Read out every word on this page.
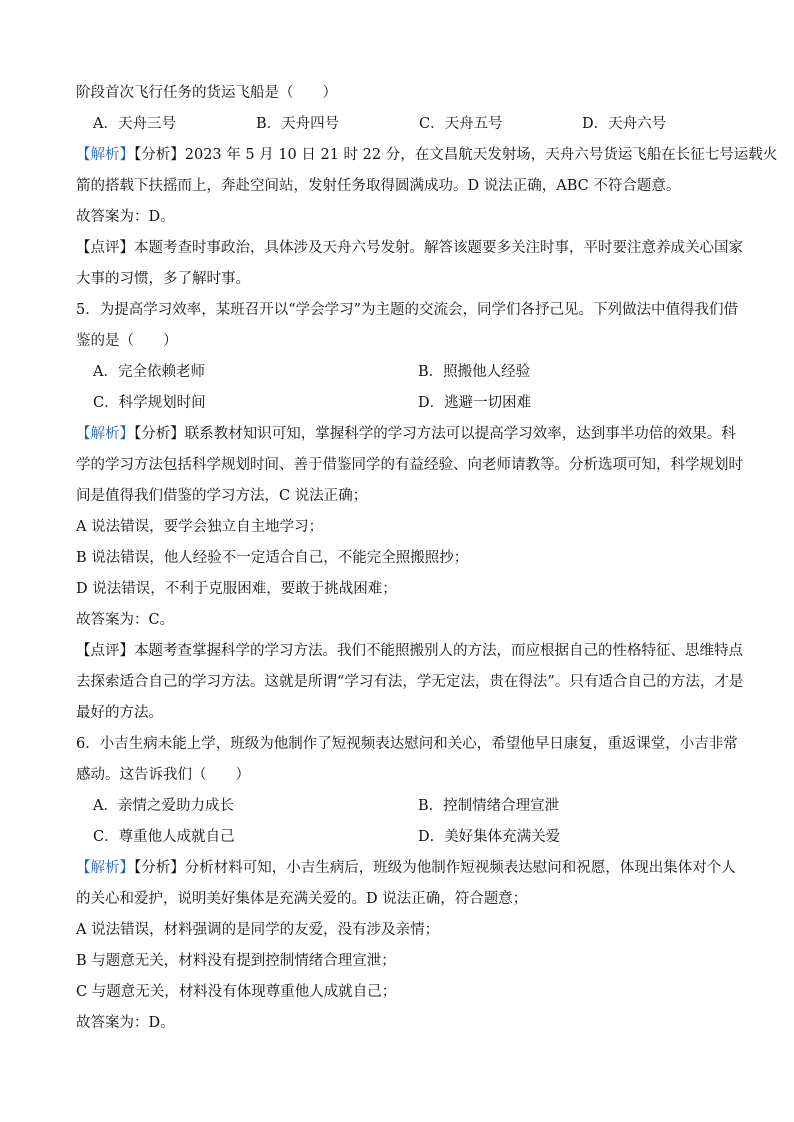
阶段首次飞行任务的货运飞船是（　　）
A．天舟三号	B．天舟四号	C．天舟五号	D．天舟六号
【解析】【分析】2023 年 5 月 10 日 21 时 22 分，在文昌航天发射场，天舟六号货运飞船在长征七号运载火
箭的搭载下扶摇而上，奔赴空间站，发射任务取得圆满成功。D 说法正确，ABC 不符合题意。
故答案为：D。
【点评】本题考查时事政治，具体涉及天舟六号发射。解答该题要多关注时事，平时要注意养成关心国家
大事的习惯，多了解时事。
5．为提高学习效率，某班召开以“学会学习”为主题的交流会，同学们各抒己见。下列做法中值得我们借
鉴的是（　　）
A．完全依赖老师	B．照搬他人经验
C．科学规划时间	D．逃避一切困难
【解析】【分析】联系教材知识可知，掌握科学的学习方法可以提高学习效率，达到事半功倍的效果。科
学的学习方法包括科学规划时间、善于借鉴同学的有益经验、向老师请教等。分析选项可知，科学规划时
间是值得我们借鉴的学习方法，C 说法正确；
A 说法错误，要学会独立自主地学习；
B 说法错误，他人经验不一定适合自己，不能完全照搬照抄；
D 说法错误，不利于克服困难，要敢于挑战困难；
故答案为：C。
【点评】本题考查掌握科学的学习方法。我们不能照搬别人的方法，而应根据自己的性格特征、思维特点
去探索适合自己的学习方法。这就是所谓“学习有法，学无定法，贵在得法”。只有适合自己的方法，才是
最好的方法。
6．小吉生病未能上学，班级为他制作了短视频表达慰问和关心，希望他早日康复，重返课堂，小吉非常
感动。这告诉我们（　　）
A．亲情之爱助力成长	B．控制情绪合理宣泄
C．尊重他人成就自己	D．美好集体充满关爱
【解析】【分析】分析材料可知，小吉生病后，班级为他制作短视频表达慰问和祝愿，体现出集体对个人
的关心和爱护，说明美好集体是充满关爱的。D 说法正确，符合题意；
A 说法错误，材料强调的是同学的友爱，没有涉及亲情；
B 与题意无关，材料没有提到控制情绪合理宣泄；
C 与题意无关，材料没有体现尊重他人成就自己；
故答案为：D。
